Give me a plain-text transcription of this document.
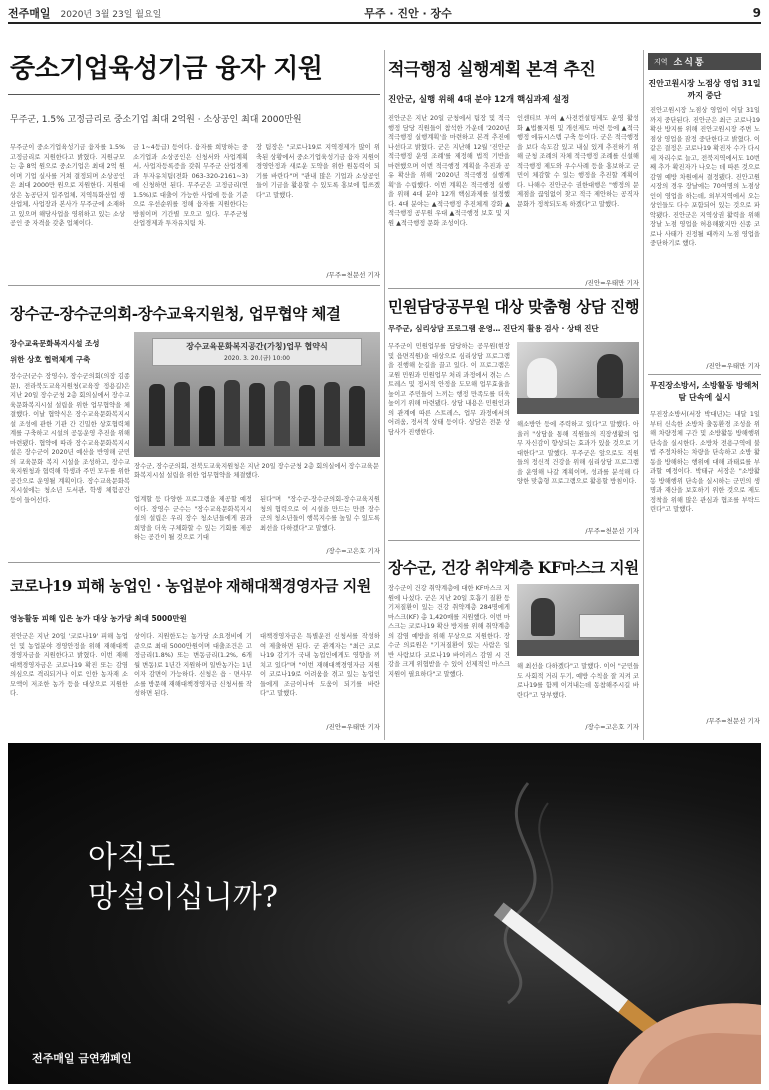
전주매일 2020년 3월 23일 월요일	무주 · 진안 · 장수	9
중소기업육성기금 융자 지원
무주군, 1.5% 고정금리로 중소기업 최대 2억원 · 소상공인 최대 2000만원
무주군이 중소기업육성기금 융자를 1.5% 고정금리로 지원한다고 밝혔다. 지원규모는 총 8억 원으로 중소기업은 최대 2억 원이며 기업 실사를 거쳐 결정되며 소상공인은 최대 2000만 원으로 지원한다. 지원대상은 농공단지 입주업체, 지역특화산업 생산업체, 사업장과 본사가 무주군에 소재하고 있으며 해당사업을 영위하고 있는 소상공인 중 자격을 갖춘 업체이다.
금 1~4등급) 등이다. 융자를 희망하는 중소기업과 소상공인은 신청서와 사업계획서, 사업자등록증을 갖춰 무주군 산업경제과 투자유치팀(전화 063-320-2161~3)에 신청하면 된다. 무주군은 고정금리(연 1.5%)로 대출이 가능한 사업에 등을 기준으로 우선순위를 정해 융자를 지원한다는 방침이며 기간별 모으고 있다. 무주군청 산업경제과 투자유치팀 차.
장 팀장은 "코로나19로 지역경제가 많이 위축된 상황에서 중소기업육성기금 융자 지원이 경영안정과 새로운 도약을 위한 원동력이 되기를 바란다"며 "관내 많은 기업과 소상공인들이 기금을 활용할 수 있도록 홍보에 힘쓰겠다"고 말했다.
/무주=천문선 기자
적극행정 실행계획 본격 추진
진안군, 실행 위해 4대 분야 12개 핵심과제 설정
진안군은 지난 20일 군청에서 팀장 및 적극행정 담당 직원들이 참석한 가운데 '2020년 적극행정 실행계획'을 마련하고 본격 추진에 나선다고 밝혔다. 군은 지난해 12월 '진안군 적극행정 운영 조례'를 제정해 법적 기반을 마련했으며 이번 적극행정 계획을 추진과 공유 확산을 위해 '2020년 적극행정 실행계획'을 수립했다. 이번 계획은 적극행정 실행을 위해 4대 분야 12개 핵심과제를 설정했다. 4대 분야는 ▲적극행정 추진체계 강화 ▲적극행정 공무원 우대 ▲적극행정 보호 및 지원 ▲적극행정 문화 조성이다.
인센티브 부여 ▲사전컨설팅제도 운영 활성화 ▲법률지원 및 개선제도 마련 등에 ▲적극행정 에듀시스템 구축 등이다. 군은 적극행정을 보다 속도감 있고 내실 있게 추진하기 위해 군청 조례의 자체 적극행정 조례를 신설해 적극행정 제도와 우수사례 등을 홍보하고 군민이 체감할 수 있는 행정을 추진할 계획이다. 나해수 진안군수 권한대행은 "행정의 문제점을 끊임없이 찾고 적극 제안하는 공직자 문화가 정착되도록 하겠다"고 말했다.
/진안=우태만 기자
지역 소식통
진안고원시장 노점상 영업 31일까지 중단
진안고원시장 노점상 영업이 이달 31일까지 중단된다. 진안군은 최근 코로나19 확산 방지를 위해 진안고원시장 주변 노점상 영업을 잠정 중단한다고 밝혔다. 이 같은 결정은 코로나19 확진자 수가 다시 세 자리수로 늘고, 전북지역에서도 10번째 추가 확진자가 나오는 데 따른 것으로 감염 예방 차원에서 결정됐다. 진안고원시장의 경우 장날에는 70여명의 노점상인이 영업을 하는데, 외부지역에서 오는 상인들도 다수 포함되어 있는 것으로 파악됐다. 진안군은 지역상권 활력을 위해 장날 노점 영업을 허용해왔지만 신종 코로나 사태가 진정될 때까지 노점 영업을 중단하기로 했다.
/진안=우태만 기자
무진장소방서, 소방활동 방해처탐 단속에 실시
무진장소방서(서장 박대년)는 내달 1일부터 신속한 소방차 출동환경 조성을 위해 차량정체 구간 및 소방활동 방해행위 단속을 실시한다. 소방차 전용구역에 불법 주정차하는 차량을 단속하고 소방 활동을 방해하는 행위에 대해 과태료를 부과할 예정이다. 박태규 서장은 "소방활동 방해행위 단속을 실시하는 군민의 생명과 재산을 보호하기 위한 것으로 제도 정착을 위해 많은 관심과 협조를 부탁드린다"고 말했다.
/무주=천문선 기자
장수군-장수군의회-장수교육지원청, 업무협약 체결
장수교육문화복지시설 조성
위한 상호 협력체계 구축
장수군(군수 장영수), 장수군의회(의장 김종문), 전라북도교육지원청(교육장 정용길)은 지난 20일 장수군청 2층 회의실에서 장수교육문화복지시설 설립을 위한 업무협약을 체결했다. 이날 협약식은 장수교육문화복지시설 조성에 관한 기관 간 긴밀한 상호협력체계를 구축하고 시설의 공동운영 추진을 위해 마련됐다. 협약에 따라 장수교육문화복지시설은 장수군이 2020년 예산을 반영해 군민의 교육문화 복지 시설을 조성하고, 장수교육지원청과 협력해 학생과 주민 모두를 위한 공간으로 운영될 계획이다. 장수교육문화복지시설에는 청소년 도서관, 학생 체험공간 등이 들어선다.
장수교육문화복지공간(가칭)업무 협약식
2020. 3. 20.(금) 10:00
장수군, 장수군의회, 전북도교육지원청은 지난 20일 장수군청 2층 회의실에서 장수교육문화복지시설 설립을 위한 업무협약을 체결했다.
업계할 등 다양한 프로그램을 제공할 예정이다. 장영수 군수는 "장수교육문화복지시설의 설립은 우리 장수 청소년들에게 꿈과 희망을 더욱 구체화할 수 있는 기회를 제공하는 공간이 될 것으로 기대
된다"며 "장수군-장수군의회-장수교육지원청의 협력으로 이 시설을 만드는 만큼 장수군의 청소년들이 행복지수를 높일 수 있도록 최선을 다하겠다"고 말했다.
/장수=고은호 기자
민원담당공무원 대상 맞춤형 상담 진행
무주군, 심리상담 프로그램 운영… 진단지 활용 검사 · 상태 진단
무주군이 민원업무를 담당하는 공무원(현장 및 읍면직원)을 대상으로 심리상담 프로그램을 진행해 눈길을 끌고 있다. 이 프로그램은 교원 민원과 민원업무 처리 과정에서 겪는 스트레스 및 정서적 안정을 도모해 업무효율을 높이고 주민들이 느끼는 행정 만족도를 더욱 높이기 위해 마련됐다. 상담 내용은 민원인과의 관계에 따른 스트레스, 업무 과정에서의 어려움, 정서적 상태 등이다. 상담은 전문 상담사가 진행한다.
해소방안 등에 주력하고 있다"고 말했다. 아울러 "상담을 통해 직원들의 직장생활의 업무 자신감이 향상되는 효과가 있을 것으로 기대한다"고 말했다. 무주군은 앞으로도 직원들의 정신적 건강을 위해 심리상담 프로그램을 운영해 나갈 계획이며, 성과를 분석해 다양한 맞춤형 프로그램으로 활용할 방침이다.
/무주=천문선 기자
코로나19 피해 농업인 · 농업분야 재해대책경영자금 지원
영농활동 피해 입은 농가 대상 농가당 최대 5000만원
진안군은 지난 20일 '코로나19' 피해 농업인 및 농업분야 경영안정을 위해 재해대책경영자금을 지원한다고 밝혔다. 이번 재해대책경영자금은 코로나19 확진 또는 감염 의심으로 격리되거나 이로 인한 농자재 소모액이 저조한 농가 등을 대상으로 지원한다.
상이다. 지원한도는 농가당 소요경비에 기준으로 최대 5000만원이며 대출조건은 고정금리(1.8%) 또는 변동금리(1.2%, 6개월 변동)로 1년간 지원하며 일반농가는 1년 이자 감면이 가능하다. 신청은 읍 · 면사무소를 방문해 재해대책경영자금 신청서를 작성하면 된다.
대책경영자금은 특별운전 신청서를 작성하여 제출하면 된다. 군 관계자는 "최근 코로나19 감기가 국내 농업인에게도 영향을 끼치고 있다"며 "이번 재해대책경영자금 지원이 코로나19로 어려움을 겪고 있는 농업인들에게 조금이나마 도움이 되기를 바란다"고 말했다.
/진안=우태만 기자
장수군, 건강 취약계층 KF마스크 지원
장수군이 건강 취약계층에 대한 KF마스크 지원에 나섰다. 군은 지난 20일 호흡기 질환 등 기저질환이 있는 건강 취약계층 284명에게 마스크(KF) 총 1,420매를 지원했다. 이번 마스크는 코로나19 확산 방지를 위해 취약계층의 감염 예방을 위해 무상으로 지원한다. 장수군 의료원은 "기저질환이 있는 사람은 일반 사람보다 코로나19 바이러스 감염 시 건강을 크게 위협받을 수 있어 선제적인 마스크 지원이 필요하다"고 말했다.
해 최선을 다하겠다"고 말했다. 이어 "군민들도 사회적 거리 두기, 예방 수칙을 잘 지켜 코로나19를 함께 이겨내는데 동참해주시길 바란다"고 당부했다.
/장수=고은호 기자
아직도
망설이십니까?
전주매일 금연캠페인
